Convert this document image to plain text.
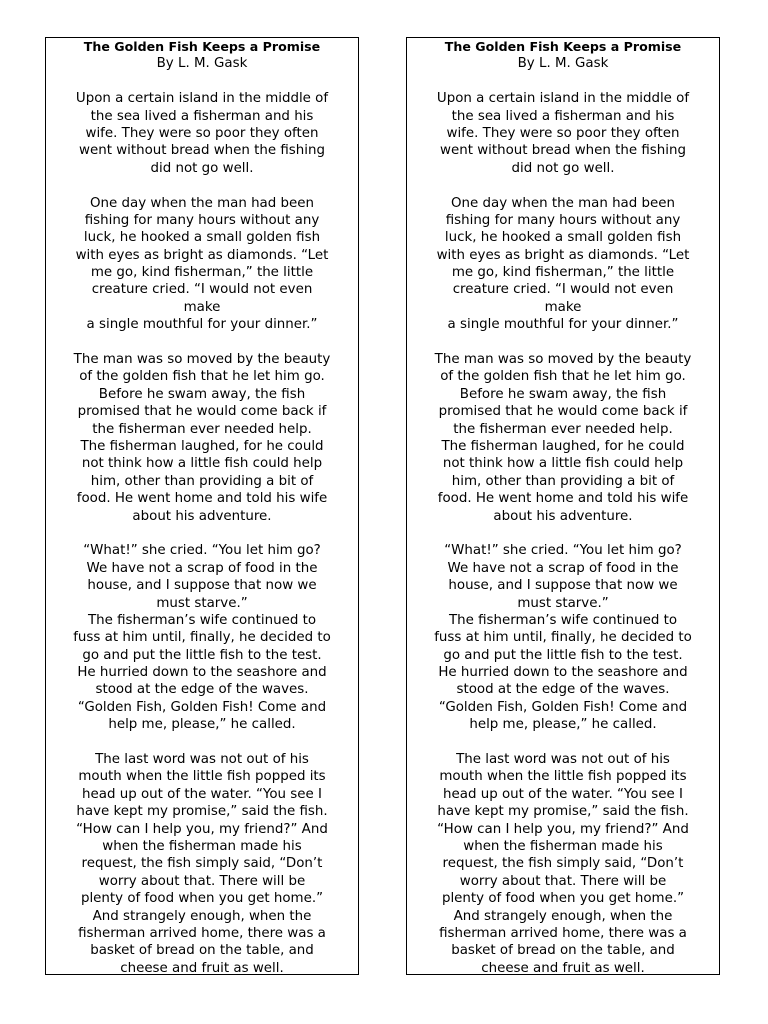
The Golden Fish Keeps a Promise
By L. M. Gask
Upon a certain island in the middle of
the sea lived a fisherman and his
wife. They were so poor they often
went without bread when the fishing
did not go well.
One day when the man had been
fishing for many hours without any
luck, he hooked a small golden fish
with eyes as bright as diamonds. “Let
me go, kind fisherman,” the little
creature cried. “I would not even
make
a single mouthful for your dinner.”
The man was so moved by the beauty
of the golden fish that he let him go.
Before he swam away, the fish
promised that he would come back if
the fisherman ever needed help.
The fisherman laughed, for he could
not think how a little fish could help
him, other than providing a bit of
food. He went home and told his wife
about his adventure.
“What!” she cried. “You let him go?
We have not a scrap of food in the
house, and I suppose that now we
must starve.”
The fisherman’s wife continued to
fuss at him until, finally, he decided to
go and put the little fish to the test.
He hurried down to the seashore and
stood at the edge of the waves.
“Golden Fish, Golden Fish! Come and
help me, please,” he called.
The last word was not out of his
mouth when the little fish popped its
head up out of the water. “You see I
have kept my promise,” said the fish.
“How can I help you, my friend?” And
when the fisherman made his
request, the fish simply said, “Don’t
worry about that. There will be
plenty of food when you get home.”
And strangely enough, when the
fisherman arrived home, there was a
basket of bread on the table, and
cheese and fruit as well.
The Golden Fish Keeps a Promise
By L. M. Gask
Upon a certain island in the middle of
the sea lived a fisherman and his
wife. They were so poor they often
went without bread when the fishing
did not go well.
One day when the man had been
fishing for many hours without any
luck, he hooked a small golden fish
with eyes as bright as diamonds. “Let
me go, kind fisherman,” the little
creature cried. “I would not even
make
a single mouthful for your dinner.”
The man was so moved by the beauty
of the golden fish that he let him go.
Before he swam away, the fish
promised that he would come back if
the fisherman ever needed help.
The fisherman laughed, for he could
not think how a little fish could help
him, other than providing a bit of
food. He went home and told his wife
about his adventure.
“What!” she cried. “You let him go?
We have not a scrap of food in the
house, and I suppose that now we
must starve.”
The fisherman’s wife continued to
fuss at him until, finally, he decided to
go and put the little fish to the test.
He hurried down to the seashore and
stood at the edge of the waves.
“Golden Fish, Golden Fish! Come and
help me, please,” he called.
The last word was not out of his
mouth when the little fish popped its
head up out of the water. “You see I
have kept my promise,” said the fish.
“How can I help you, my friend?” And
when the fisherman made his
request, the fish simply said, “Don’t
worry about that. There will be
plenty of food when you get home.”
And strangely enough, when the
fisherman arrived home, there was a
basket of bread on the table, and
cheese and fruit as well.
